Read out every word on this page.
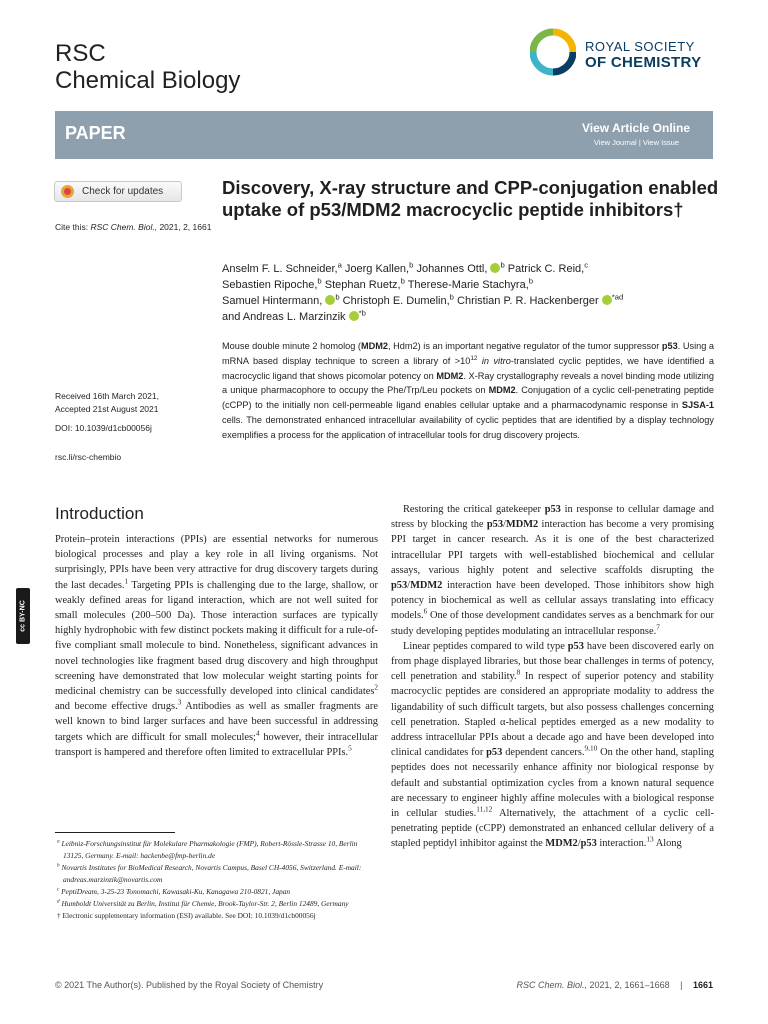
RSC
Chemical Biology
ROYAL SOCIETY
OF CHEMISTRY
PAPER	View Article Online
View Journal | View Issue
Check for updates
Cite this: RSC Chem. Biol., 2021, 2, 1661
Received 16th March 2021,
Accepted 21st August 2021
DOI: 10.1039/d1cb00056j
rsc.li/rsc-chembio
Discovery, X-ray structure and CPP-conjugation enabled uptake of p53/MDM2 macrocyclic peptide inhibitors†
Anselm F. L. Schneider,$^a$ Joerg Kallen,$^b$ Johannes Ottl, $^b$ Patrick C. Reid,$^c$
Sebastien Ripoche,$^b$ Stephan Ruetz,$^b$ Therese-Marie Stachyra,$^b$
Samuel Hintermann, $^b$ Christoph E. Dumelin,$^b$ Christian P. R. Hackenberger $^{*ad}$
and Andreas L. Marzinzik $^{*b}$

Mouse double minute 2 homolog (MDM2, Hdm2) is an important negative regulator of the tumor suppressor p53. Using a mRNA based display technique to screen a library of $>10^{12}$ in vitro-translated cyclic peptides, we have identified a macrocyclic ligand that shows picomolar potency on MDM2. X-Ray crystallography reveals a novel binding mode utilizing a unique pharmacophore to occupy the Phe/Trp/Leu pockets on MDM2. Conjugation of a cyclic cell-penetrating peptide (cCPP) to the initially non cell-permeable ligand enables cellular uptake and a pharmacodynamic response in SJSA-1 cells. The demonstrated enhanced intracellular availability of cyclic peptides that are identified by a display technology exemplifies a process for the application of intracellular tools for drug discovery projects.

cc BY-NC
Introduction

Protein–protein interactions (PPIs) are essential networks for numerous biological processes and play a key role in all living organisms. Not surprisingly, PPIs have been very attractive for drug discovery targets during the last decades.$^1$ Targeting PPIs is challenging due to the large, shallow, or weakly defined areas for ligand interaction, which are not well suited for small molecules (200–500 Da). Those interaction surfaces are typically highly hydrophobic with few distinct pockets making it difficult for a rule-of-five compliant small molecule to bind. Nonetheless, significant advances in novel technologies like fragment based drug discovery and high throughput screening have demonstrated that low molecular weight starting points for medicinal chemistry can be successfully developed into clinical candidates$^2$ and become effective drugs.$^3$ Antibodies as well as smaller fragments are well known to bind larger surfaces and have been successful in addressing targets which are difficult for small molecules;$^4$ however, their intracellular transport is hampered and therefore often limited to extracellular PPIs.$^5$

$^a$ Leibniz-Forschungsinstitut für Molekulare Pharmakologie (FMP), Robert-Rössle-Strasse 10, Berlin 13125, Germany. E-mail: hackenbe@fmp-berlin.de
$^b$ Novartis Institutes for BioMedical Research, Novartis Campus, Basel CH-4056, Switzerland. E-mail: andreas.marzinzik@novartis.com
$^c$ PeptiDream, 3-25-23 Tonomachi, Kawasaki-Ku, Kanagawa 210-0821, Japan
$^d$ Humboldt Universität zu Berlin, Institut für Chemie, Brook-Taylor-Str. 2, Berlin 12489, Germany
† Electronic supplementary information (ESI) available. See DOI: 10.1039/d1cb00056j

Restoring the critical gatekeeper p53 in response to cellular damage and stress by blocking the p53/MDM2 interaction has become a very promising PPI target in cancer research. As it is one of the best characterized intracellular PPI targets with well-established biochemical and cellular assays, various highly potent and selective scaffolds disrupting the p53/MDM2 interaction have been developed. Those inhibitors show high potency in biochemical as well as cellular assays translating into efficacy models.$^6$ One of those development candidates serves as a benchmark for our study developing peptides modulating an intracellular response.$^7$

Linear peptides compared to wild type p53 have been discovered early on from phage displayed libraries, but those bear challenges in terms of potency, cell penetration and stability.$^8$ In respect of superior potency and stability macrocyclic peptides are considered an appropriate modality to address the ligandability of such difficult targets, but also possess challenges concerning cell penetration. Stapled α-helical peptides emerged as a new modality to address intracellular PPIs about a decade ago and have been developed into clinical candidates for p53 dependent cancers.$^{9,10}$ On the other hand, stapling peptides does not necessarily enhance affinity nor biological response by default and substantial optimization cycles from a known natural sequence are necessary to engineer highly affine molecules with a biological response in cellular studies.$^{11,12}$ Alternatively, the attachment of a cyclic cell-penetrating peptide (cCPP) demonstrated an enhanced cellular delivery of a stapled peptidyl inhibitor against the MDM2/p53 interaction.$^{13}$ Along

© 2021 The Author(s). Published by the Royal Society of Chemistry	RSC Chem. Biol., 2021, 2, 1661–1668 | 1661
